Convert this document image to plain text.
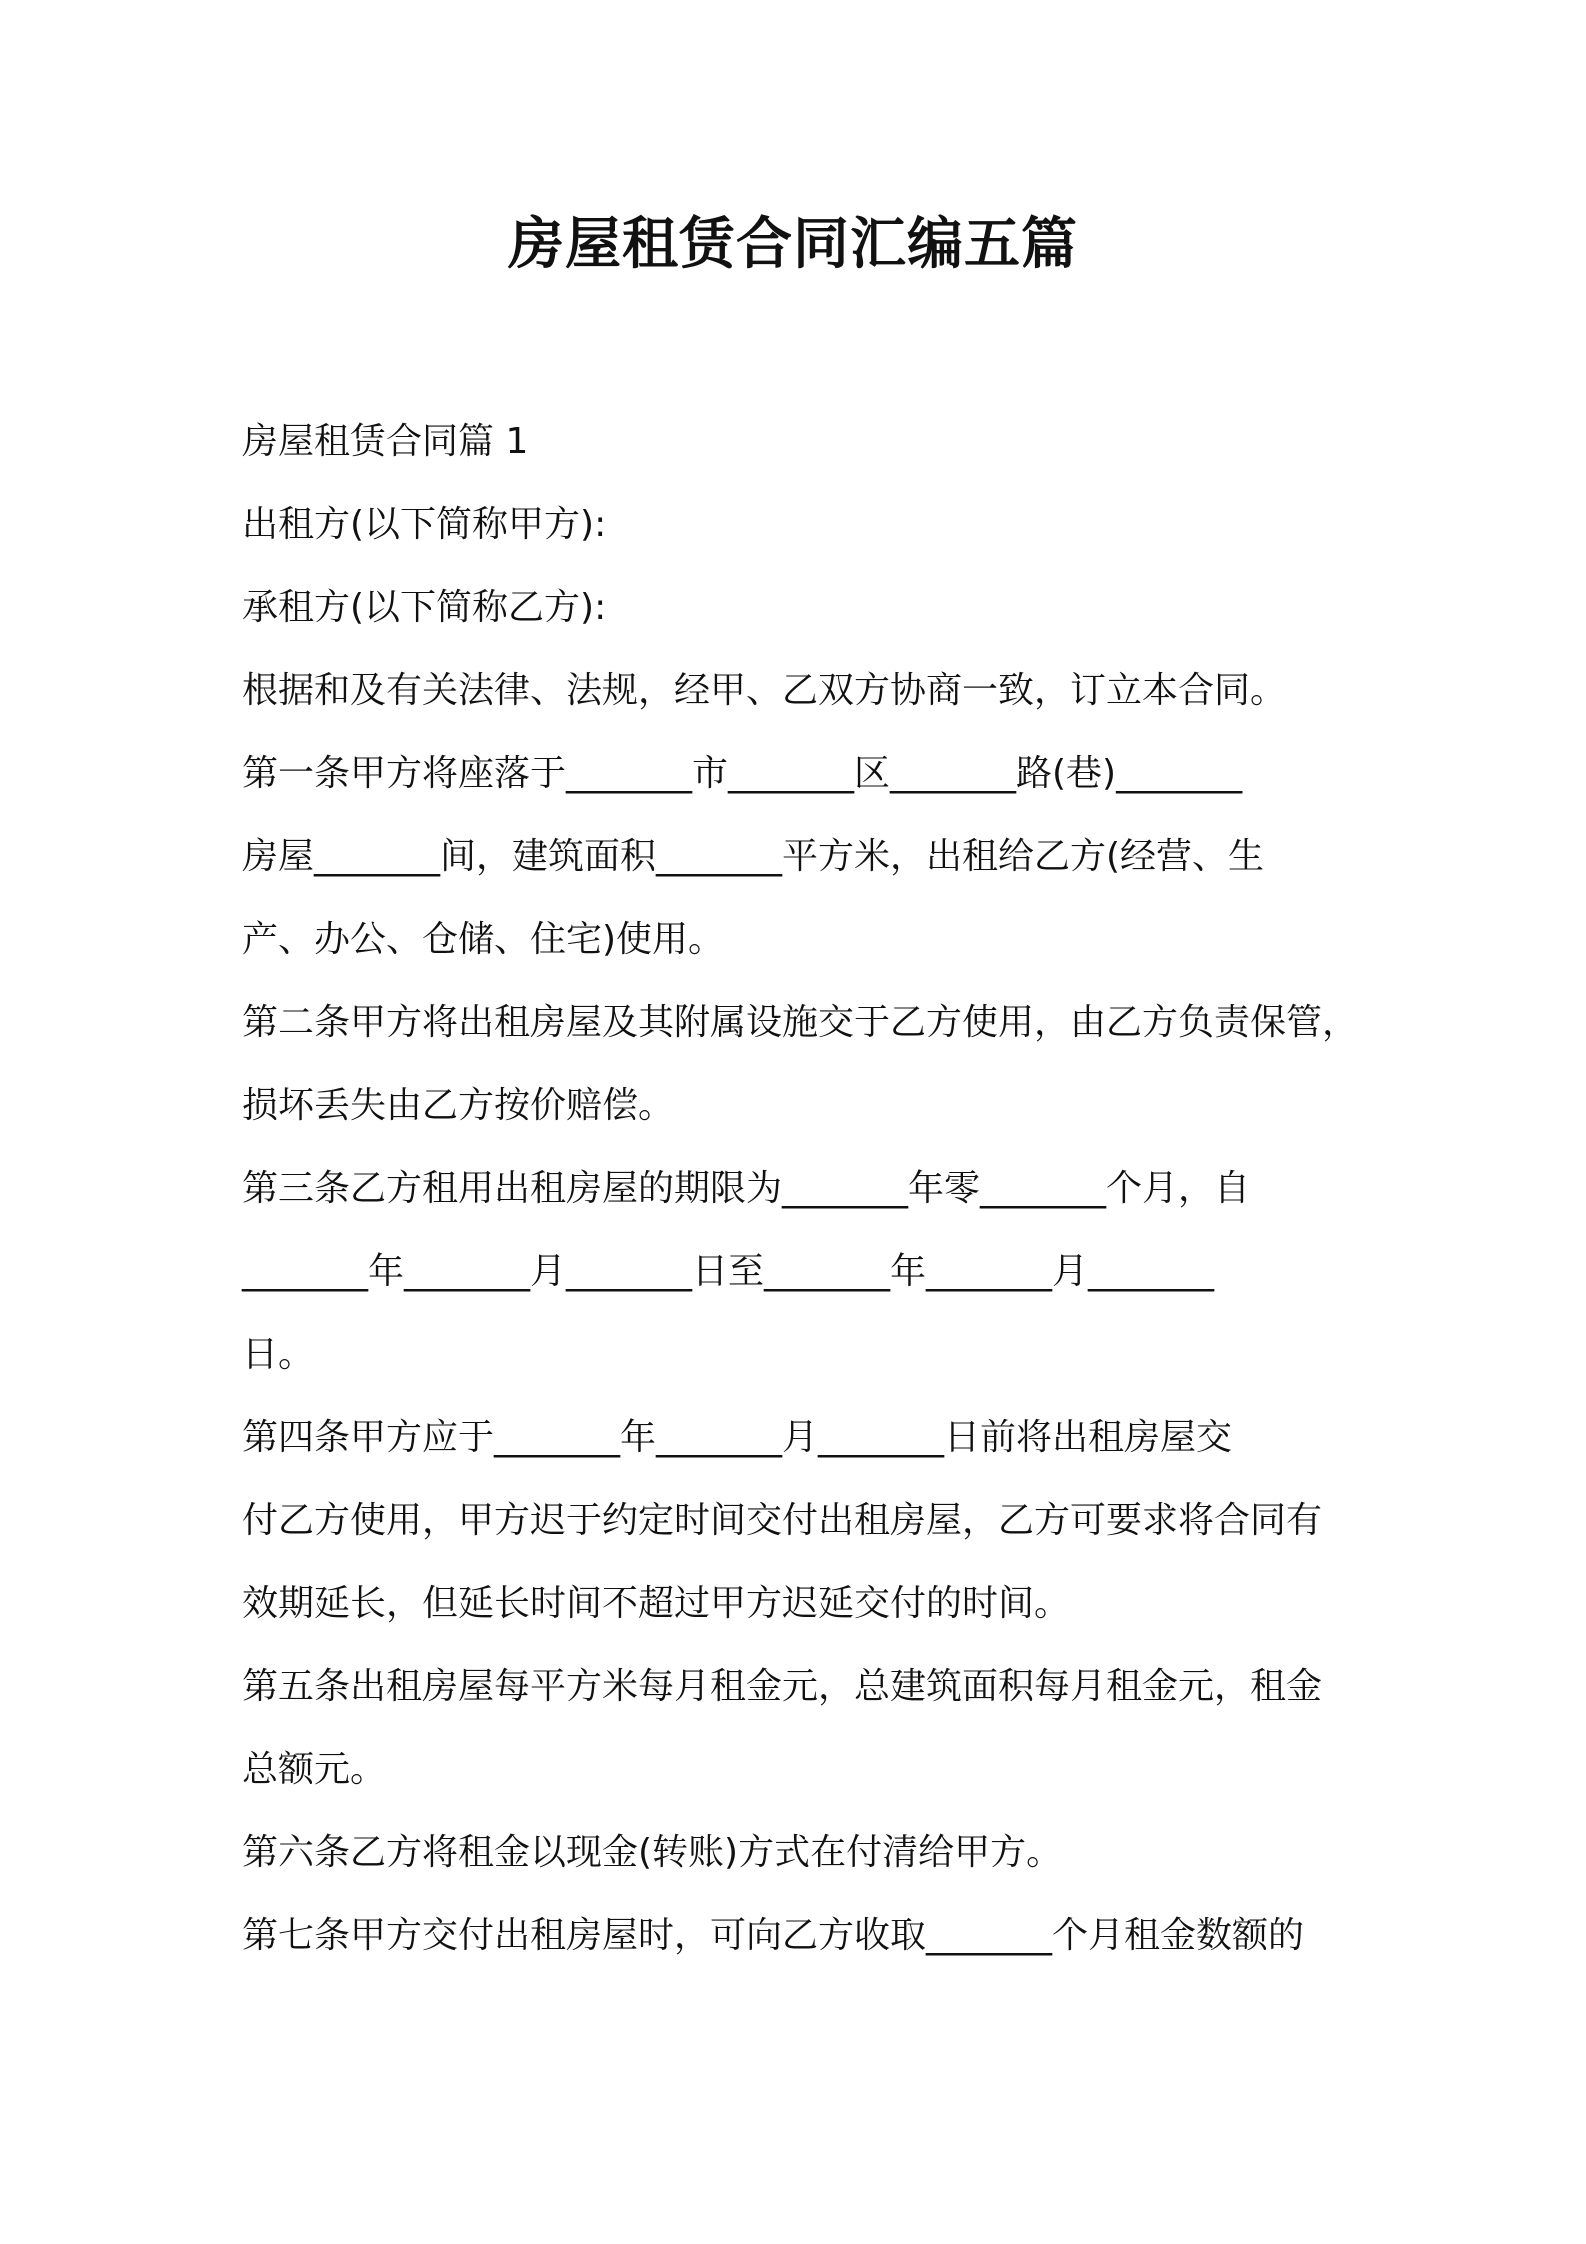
房屋租赁合同汇编五篇

房屋租赁合同篇 1

出租方(以下简称甲方):

承租方(以下简称乙方):

根据和及有关法律、法规，经甲、乙双方协商一致，订立本合同。

第一条甲方将座落于_______市_______区_______路(巷)_______

房屋_______间，建筑面积_______平方米，出租给乙方(经营、生

产、办公、仓储、住宅)使用。

第二条甲方将出租房屋及其附属设施交于乙方使用，由乙方负责保管，

损坏丢失由乙方按价赔偿。

第三条乙方租用出租房屋的期限为_______年零_______个月，自

_______年_______月_______日至_______年_______月_______

日。

第四条甲方应于_______年_______月_______日前将出租房屋交

付乙方使用，甲方迟于约定时间交付出租房屋，乙方可要求将合同有

效期延长，但延长时间不超过甲方迟延交付的时间。

第五条出租房屋每平方米每月租金元，总建筑面积每月租金元，租金

总额元。

第六条乙方将租金以现金(转账)方式在付清给甲方。

第七条甲方交付出租房屋时，可向乙方收取_______个月租金数额的
